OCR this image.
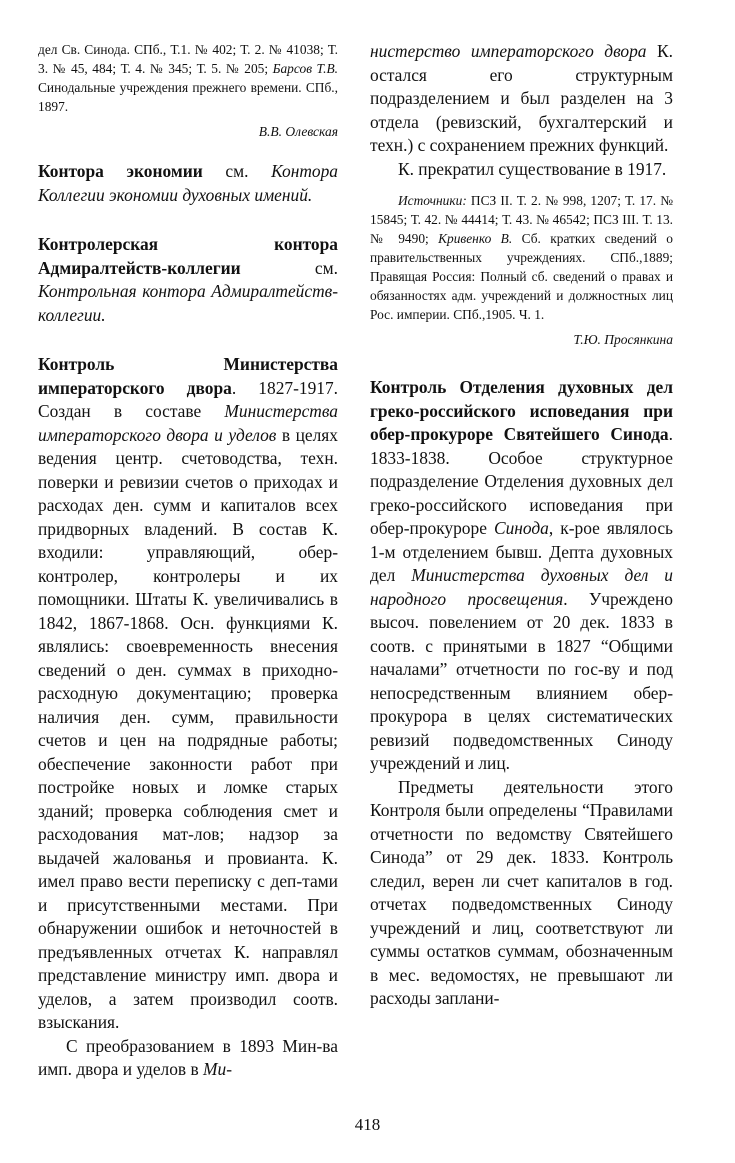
дел Св. Синода. СПб., Т.1. № 402; Т. 2. № 41038; Т. 3. № 45, 484; Т. 4. № 345; Т. 5. № 205; Барсов Т.В. Синодальные учреждения прежнего времени. СПб., 1897.
В.В. Олевская
Контора экономии см. Контора Коллегии экономии духовных имений.
Контролерская контора Адмиралтейств-коллегии см. Контрольная контора Адмиралтейств-коллегии.
Контроль Министерства императорского двора. 1827-1917. Создан в составе Министерства императорского двора и уделов в целях ведения центр. счетоводства, техн. поверки и ревизии счетов о приходах и расходах ден. сумм и капиталов всех придворных владений. В состав К. входили: управляющий, обер-контролер, контролеры и их помощники. Штаты К. увеличивались в 1842, 1867-1868. Осн. функциями К. являлись: своевременность внесения сведений о ден. суммах в приходно-расходную документацию; проверка наличия ден. сумм, правильности счетов и цен на подрядные работы; обеспечение законности работ при постройке новых и ломке старых зданий; проверка соблюдения смет и расходования мат-лов; надзор за выдачей жалованья и провианта. К. имел право вести переписку с деп-тами и присутственными местами. При обнаружении ошибок и неточностей в предъявленных отчетах К. направлял представление министру имп. двора и уделов, а затем производил соотв. взыскания.
С преобразованием в 1893 Мин-ва имп. двора и уделов в Ми-
нистерство императорского двора К. остался его структурным подразделением и был разделен на 3 отдела (ревизский, бухгалтерский и техн.) с сохранением прежних функций.
К. прекратил существование в 1917.
Источники: ПСЗ II. Т. 2. № 998, 1207; Т. 17. № 15845; Т. 42. № 44414; Т. 43. № 46542; ПСЗ III. Т. 13. № 9490; Кривенко В. Сб. кратких сведений о правительственных учреждениях. СПб.,1889; Правящая Россия: Полный сб. сведений о правах и обязанностях адм. учреждений и должностных лиц Рос. империи. СПб.,1905. Ч. 1.
Т.Ю. Просянкина
Контроль Отделения духовных дел греко-российского исповедания при обер-прокуроре Святейшего Синода. 1833-1838. Особое структурное подразделение Отделения духовных дел греко-российского исповедания при обер-прокуроре Синода, к-рое являлось 1-м отделением бывш. Депта духовных дел Министерства духовных дел и народного просвещения. Учреждено высоч. повелением от 20 дек. 1833 в соотв. с принятыми в 1827 “Общими началами” отчетности по гос-ву и под непосредственным влиянием обер-прокурора в целях систематических ревизий подведомственных Синоду учреждений и лиц.
Предметы деятельности этого Контроля были определены “Правилами отчетности по ведомству Святейшего Синода” от 29 дек. 1833. Контроль следил, верен ли счет капиталов в год. отчетах подведомственных Синоду учреждений и лиц, соответствуют ли суммы остатков суммам, обозначенным в мес. ведомостях, не превышают ли расходы заплани-
418
